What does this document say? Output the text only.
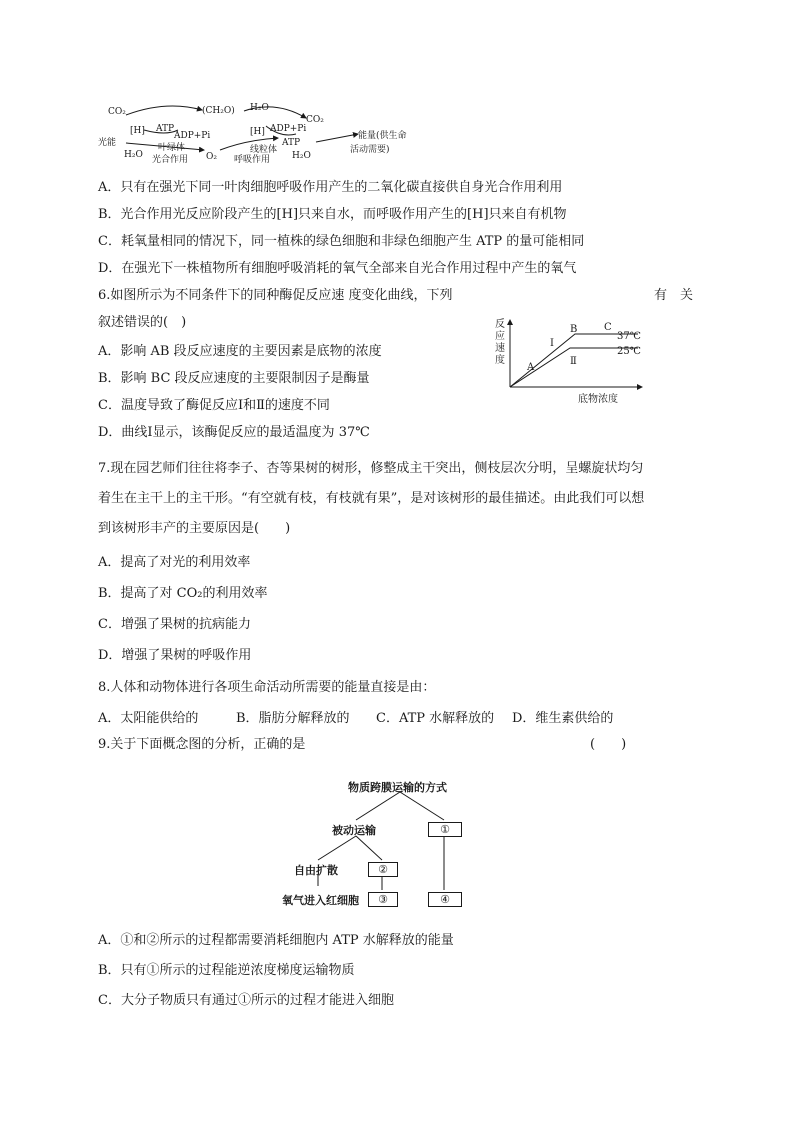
CO₂	(CH₂O) H₂O
CO₂
光能
[H] ATP
ADP+Pi
H₂O
叶绿体
光合作用 O₂
[H] ADP+Pi
ATP
线粒体
呼吸作用 H₂O
能量(供生命
活动需要)
A．只有在强光下同一叶肉细胞呼吸作用产生的二氧化碳直接供自身光合作用利用
B．光合作用光反应阶段产生的[H]只来自水，而呼吸作用产生的[H]只来自有机物
C．耗氧量相同的情况下，同一植株的绿色细胞和非绿色细胞产生 ATP 的量可能相同
D．在强光下一株植物所有细胞呼吸消耗的氧气全部来自光合作用过程中产生的氧气
6.如图所示为不同条件下的同种酶促反应速 度变化曲线，下列	有　关
叙述错误的(　)
A．影响 AB 段反应速度的主要因素是底物的浓度
B．影响 BC 段反应速度的主要限制因子是酶量
C．温度导致了酶促反应Ⅰ和Ⅱ的速度不同
D．曲线Ⅰ显示，该酶促反应的最适温度为 37℃
反
应
速
度
底物浓度
A
B	C
Ⅰ
Ⅱ
37℃
25℃
7.现在园艺师们往往将李子、杏等果树的树形，修整成主干突出，侧枝层次分明，呈螺旋状均匀
着生在主干上的主干形。“有空就有枝，有枝就有果”，是对该树形的最佳描述。由此我们可以想
到该树形丰产的主要原因是(　　)
A．提高了对光的利用效率
B．提高了对 CO₂的利用效率
C．增强了果树的抗病能力
D．增强了果树的呼吸作用
8.人体和动物体进行各项生命活动所需要的能量直接是由：
A．太阳能供给的	B．脂肪分解释放的 C．ATP 水解释放的 D．维生素供给的
9.关于下面概念图的分析，正确的是	(　　)
物质跨膜运输的方式
被动运输	①
自由扩散	②
氧气进入红细胞	③	④
A．①和②所示的过程都需要消耗细胞内 ATP 水解释放的能量
B．只有①所示的过程能逆浓度梯度运输物质
C．大分子物质只有通过①所示的过程才能进入细胞
